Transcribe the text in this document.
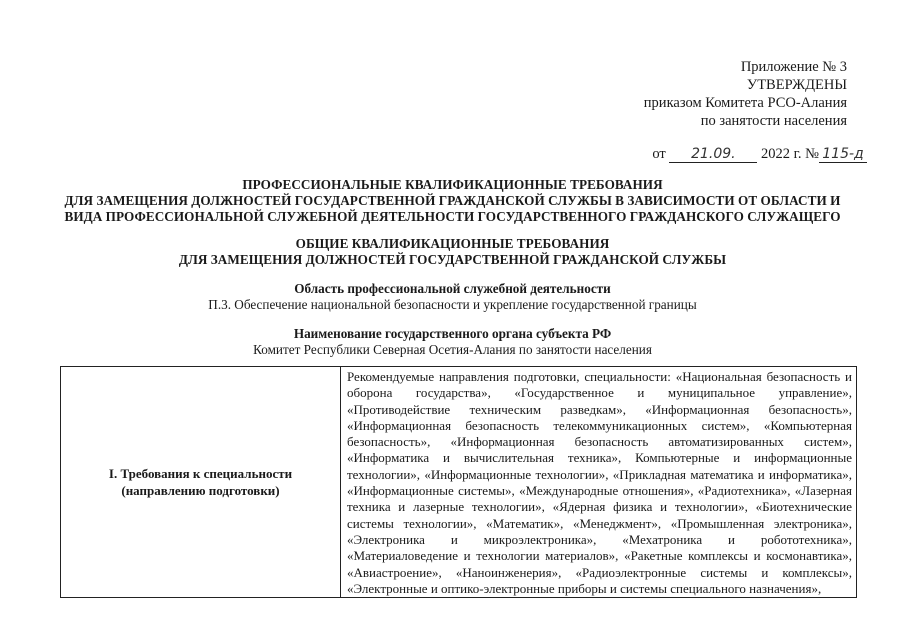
Приложение № 3
УТВЕРЖДЕНЫ
приказом Комитета РСО-Алания
по занятости населения
от 21.09. 2022 г. № 115-д
ПРОФЕССИОНАЛЬНЫЕ КВАЛИФИКАЦИОННЫЕ ТРЕБОВАНИЯ
ДЛЯ ЗАМЕЩЕНИЯ ДОЛЖНОСТЕЙ ГОСУДАРСТВЕННОЙ ГРАЖДАНСКОЙ СЛУЖБЫ В ЗАВИСИМОСТИ ОТ ОБЛАСТИ И
ВИДА ПРОФЕССИОНАЛЬНОЙ СЛУЖЕБНОЙ ДЕЯТЕЛЬНОСТИ ГОСУДАРСТВЕННОГО ГРАЖДАНСКОГО СЛУЖАЩЕГО
ОБЩИЕ КВАЛИФИКАЦИОННЫЕ ТРЕБОВАНИЯ
ДЛЯ ЗАМЕЩЕНИЯ ДОЛЖНОСТЕЙ ГОСУДАРСТВЕННОЙ ГРАЖДАНСКОЙ СЛУЖБЫ
Область профессиональной служебной деятельности
П.3. Обеспечение национальной безопасности и укрепление государственной границы
Наименование государственного органа субъекта РФ
Комитет Республики Северная Осетия-Алания по занятости населения
I. Требования к специальности
(направлению подготовки)
	Рекомендуемые направления подготовки, специальности: «Национальная безопасность и оборона государства», «Государственное и муниципальное управление», «Противодействие техническим разведкам», «Информационная безопасность», «Информационная безопасность телекоммуникационных систем», «Компьютерная безопасность», «Информационная безопасность автоматизированных систем», «Информатика и вычислительная техника», Компьютерные и информационные технологии», «Информационные технологии», «Прикладная математика и информатика», «Информационные системы», «Международные отношения», «Радиотехника», «Лазерная техника и лазерные технологии», «Ядерная физика и технологии», «Биотехнические системы технологии», «Математик», «Менеджмент», «Промышленная электроника», «Электроника и микроэлектроника», «Мехатроника и робототехника», «Материаловедение и технологии материалов», «Ракетные комплексы и космонавтика», «Авиастроение», «Наноинженерия», «Радиоэлектронные системы и комплексы», «Электронные и оптико-электронные приборы и системы специального назначения»,
